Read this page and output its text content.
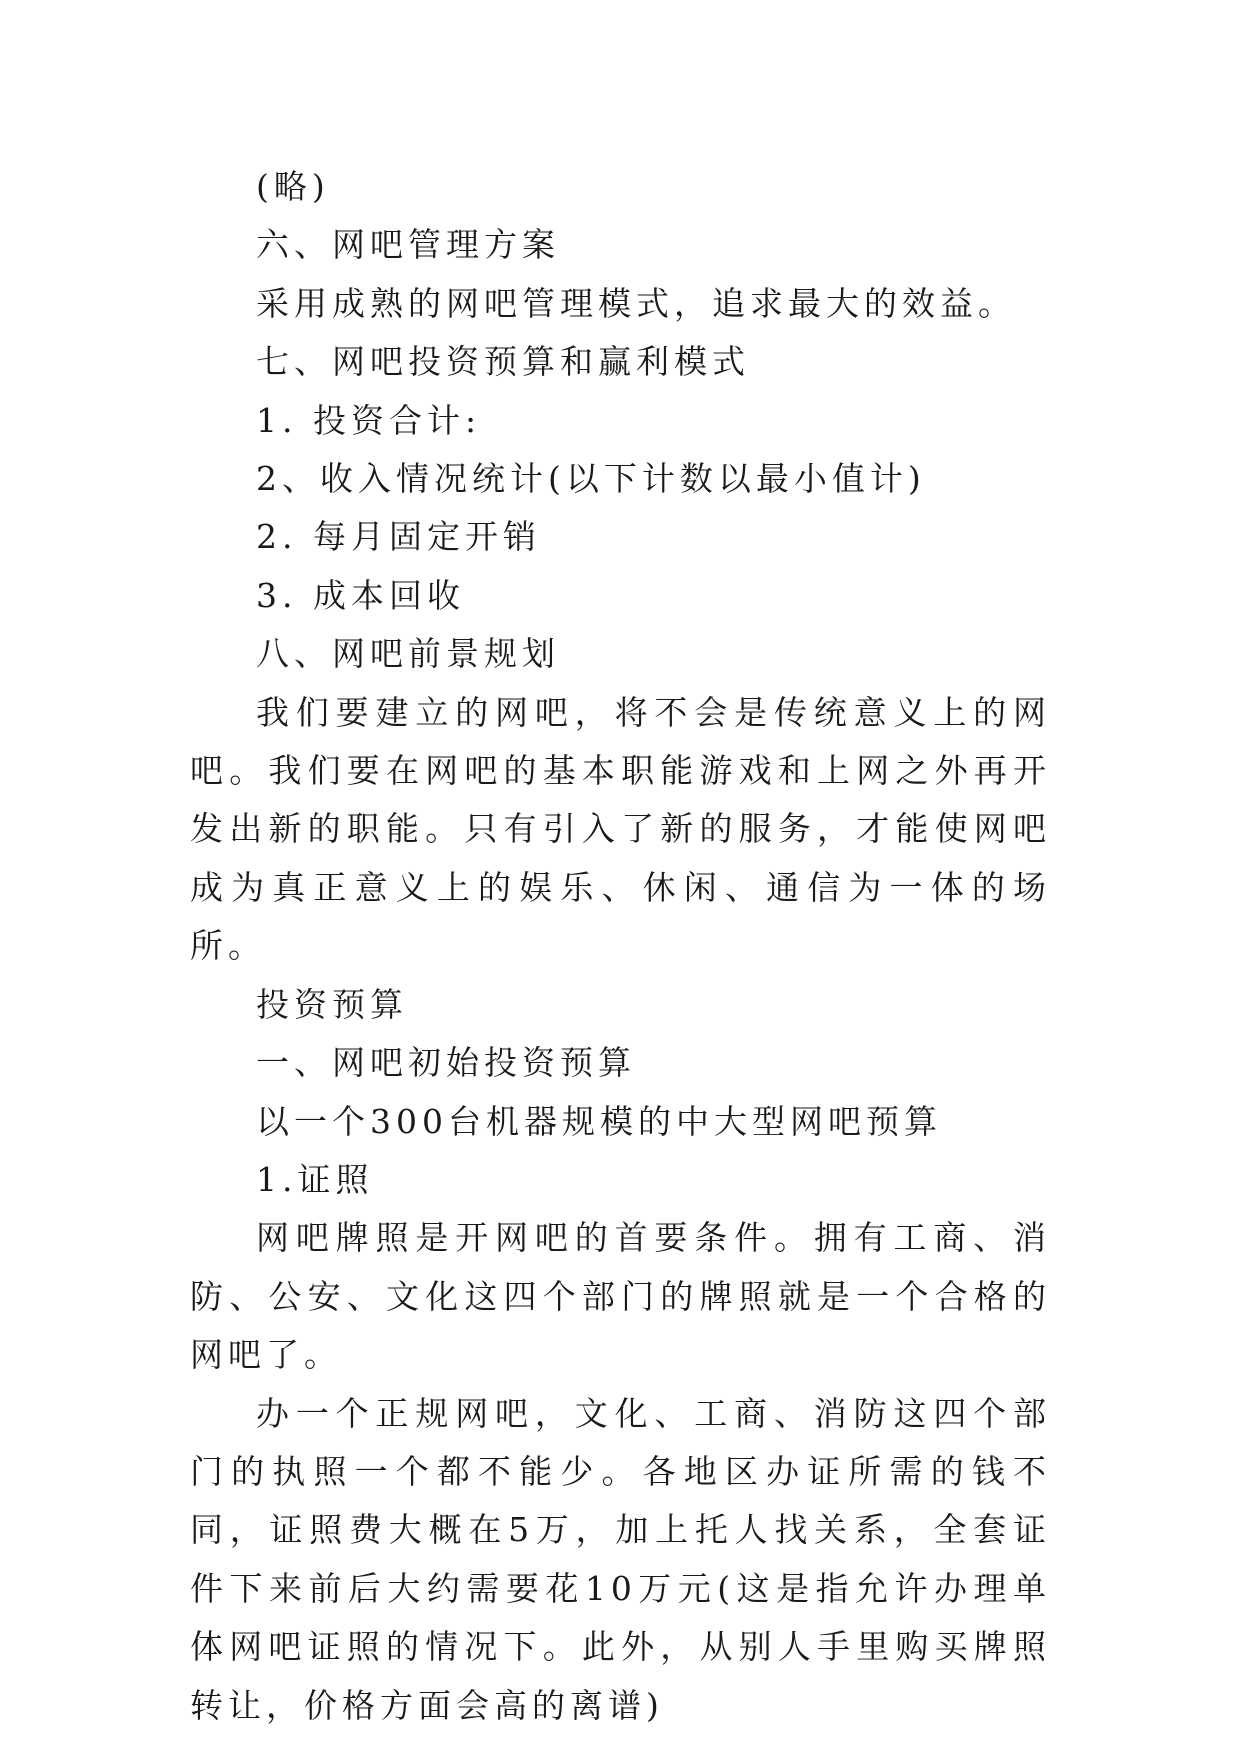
(略)

六、网吧管理方案

采用成熟的网吧管理模式，追求最大的效益。

七、网吧投资预算和赢利模式

1. 投资合计:

2、收入情况统计(以下计数以最小值计)

2. 每月固定开销

3. 成本回收

八、网吧前景规划

我们要建立的网吧，将不会是传统意义上的网吧。我们要在网吧的基本职能游戏和上网之外再开发出新的职能。只有引入了新的服务，才能使网吧成为真正意义上的娱乐、休闲、通信为一体的场所。

投资预算

一、网吧初始投资预算

以一个300台机器规模的中大型网吧预算

1.证照

网吧牌照是开网吧的首要条件。拥有工商、消防、公安、文化这四个部门的牌照就是一个合格的网吧了。

办一个正规网吧，文化、工商、消防这四个部门的执照一个都不能少。各地区办证所需的钱不同，证照费大概在5万，加上托人找关系，全套证件下来前后大约需要花10万元(这是指允许办理单体网吧证照的情况下。此外，从别人手里购买牌照转让，价格方面会高的离谱)
